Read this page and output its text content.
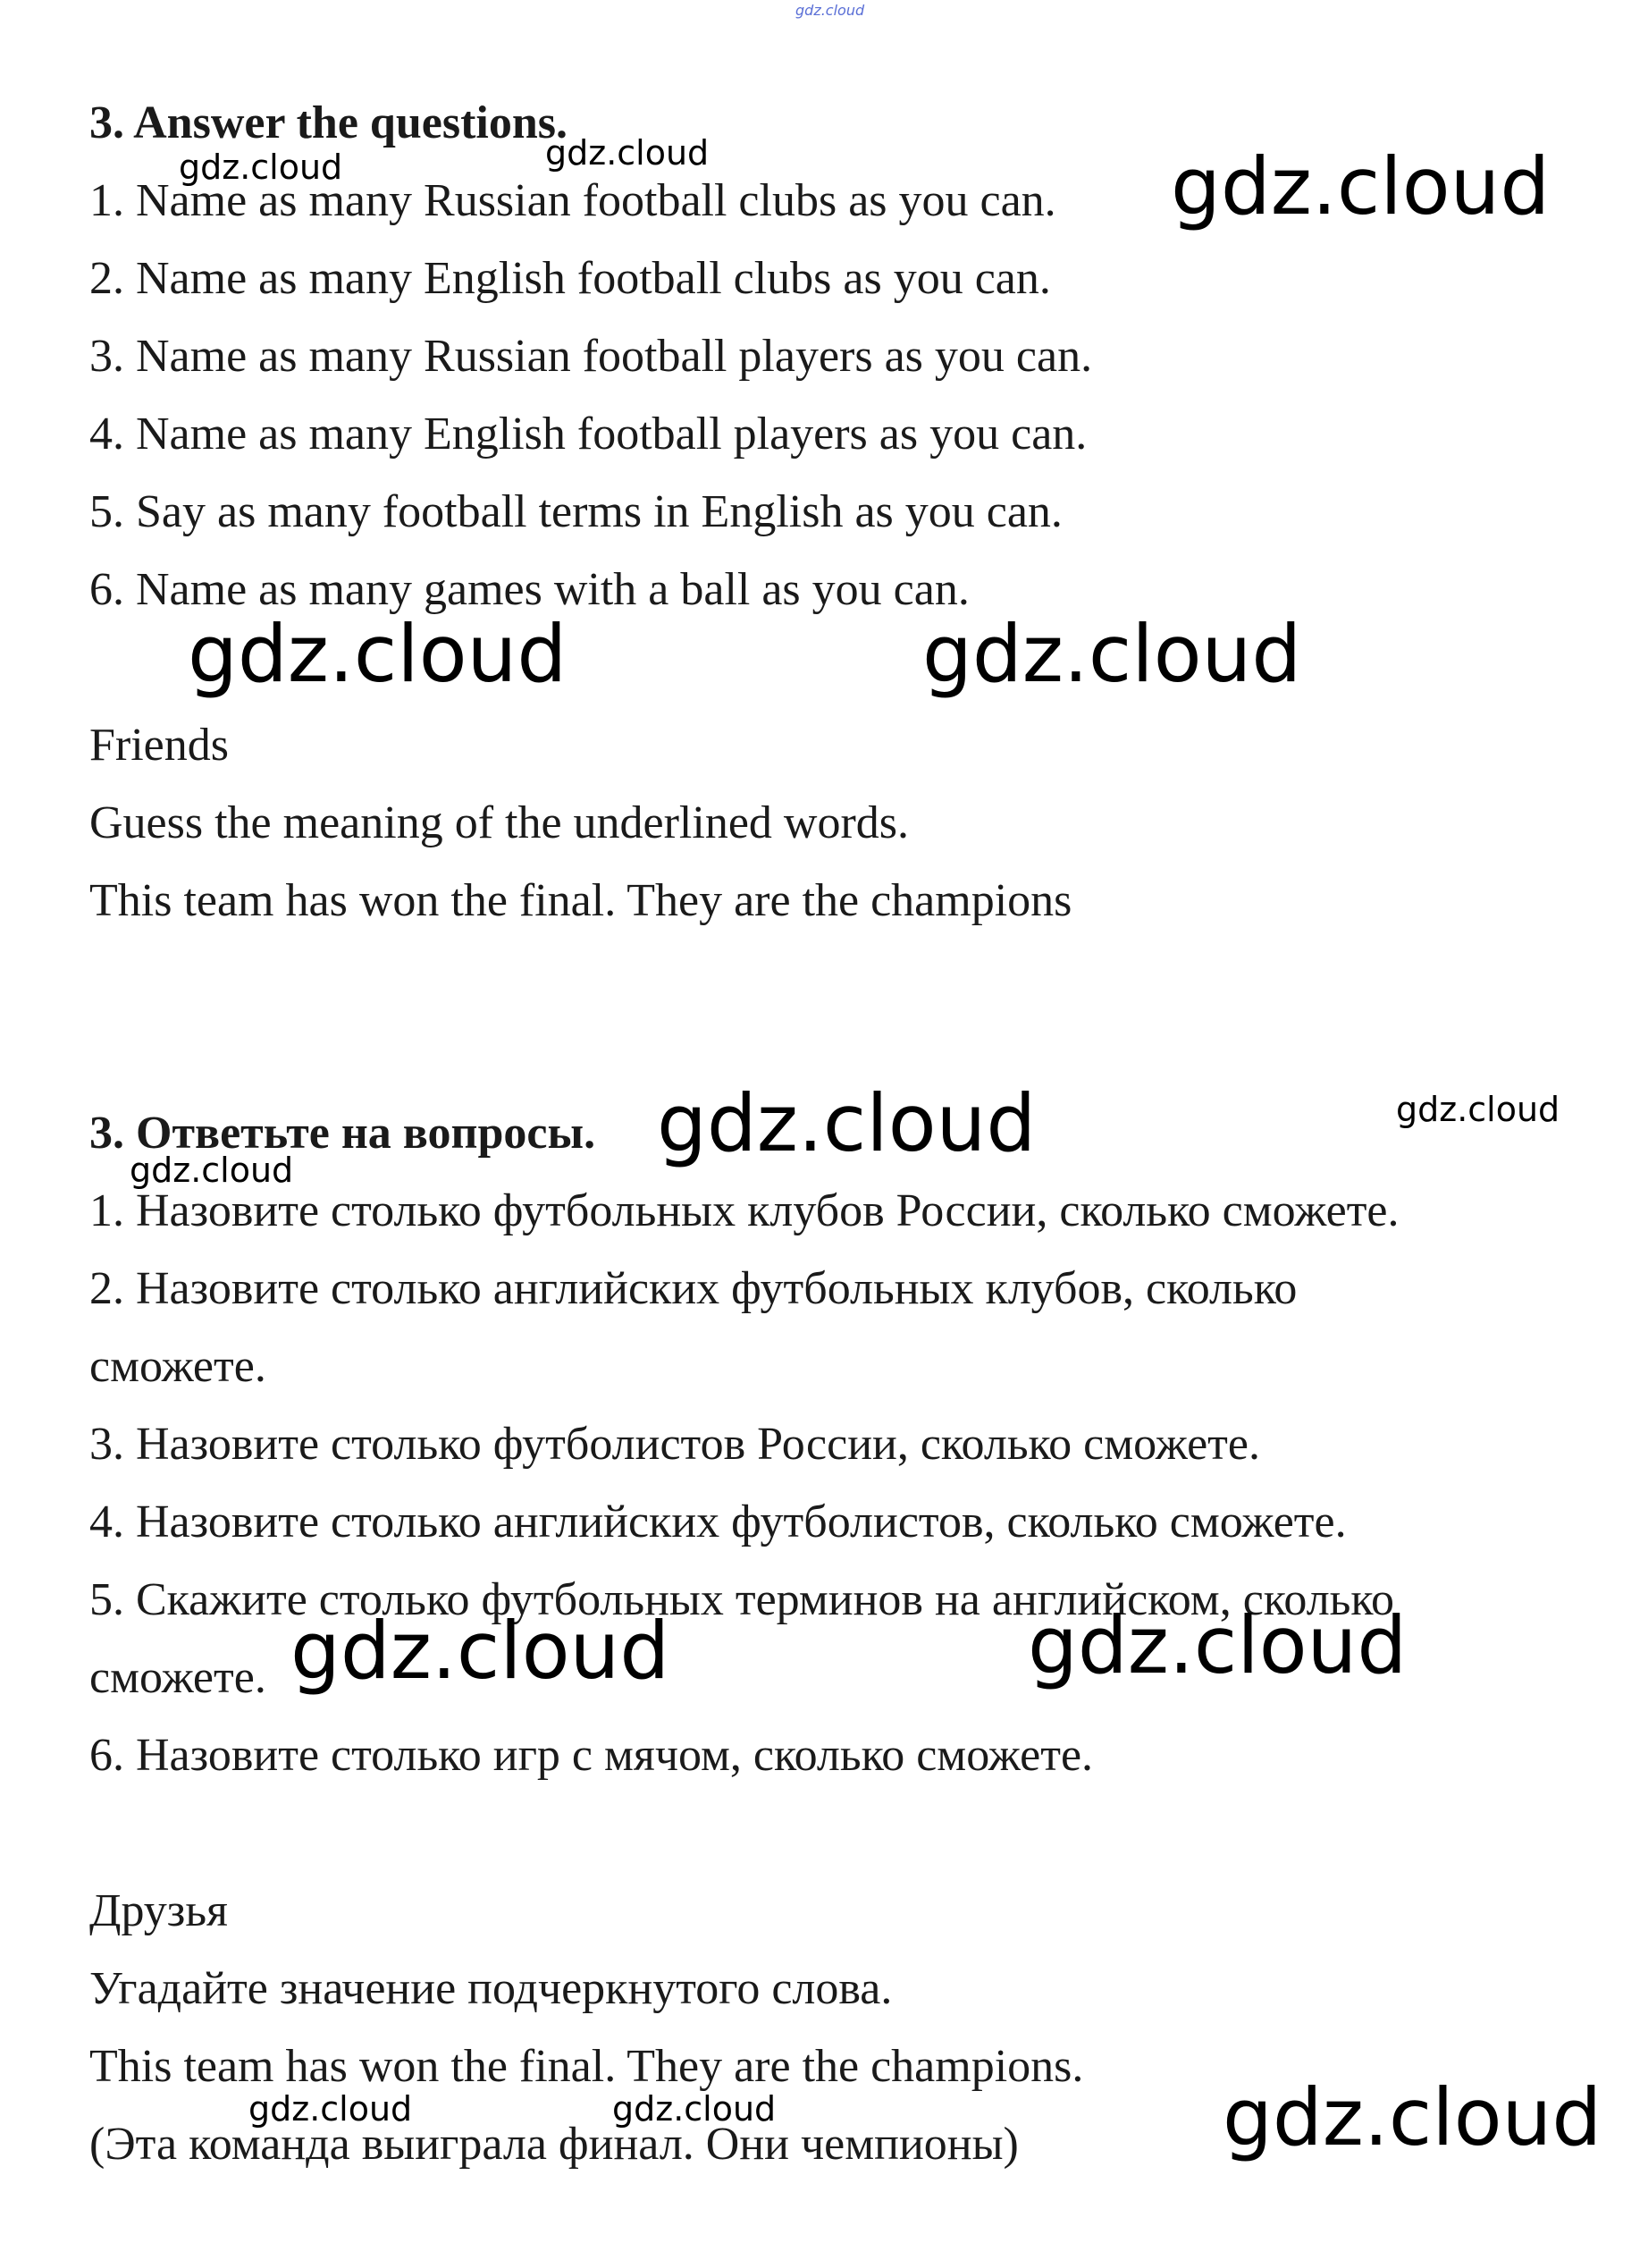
gdz.cloud
3. Answer the questions.
1. Name as many Russian football clubs as you can.
2. Name as many English football clubs as you can.
3. Name as many Russian football players as you can.
4. Name as many English football players as you can.
5. Say as many football terms in English as you can.
6. Name as many games with a ball as you can.
Friends
Guess the meaning of the underlined words.
This team has won the final. They are the champions
3. Ответьте на вопросы.
1. Назовите столько футбольных клубов России, сколько сможете.
2. Назовите столько английских футбольных клубов, сколько
сможете.
3. Назовите столько футболистов России, сколько сможете.
4. Назовите столько английских футболистов, сколько сможете.
5. Скажите столько футбольных терминов на английском, сколько
сможете.
6. Назовите столько игр с мячом, сколько сможете.
Друзья
Угадайте значение подчеркнутого слова.
This team has won the final. They are the champions.
(Эта команда выиграла финал. Они чемпионы)
gdz.cloud	gdz.cloud	gdz.cloud
gdz.cloud	gdz.cloud
gdz.cloud	gdz.cloud
gdz.cloud
gdz.cloud	gdz.cloud
gdz.cloud	gdz.cloud	gdz.cloud
